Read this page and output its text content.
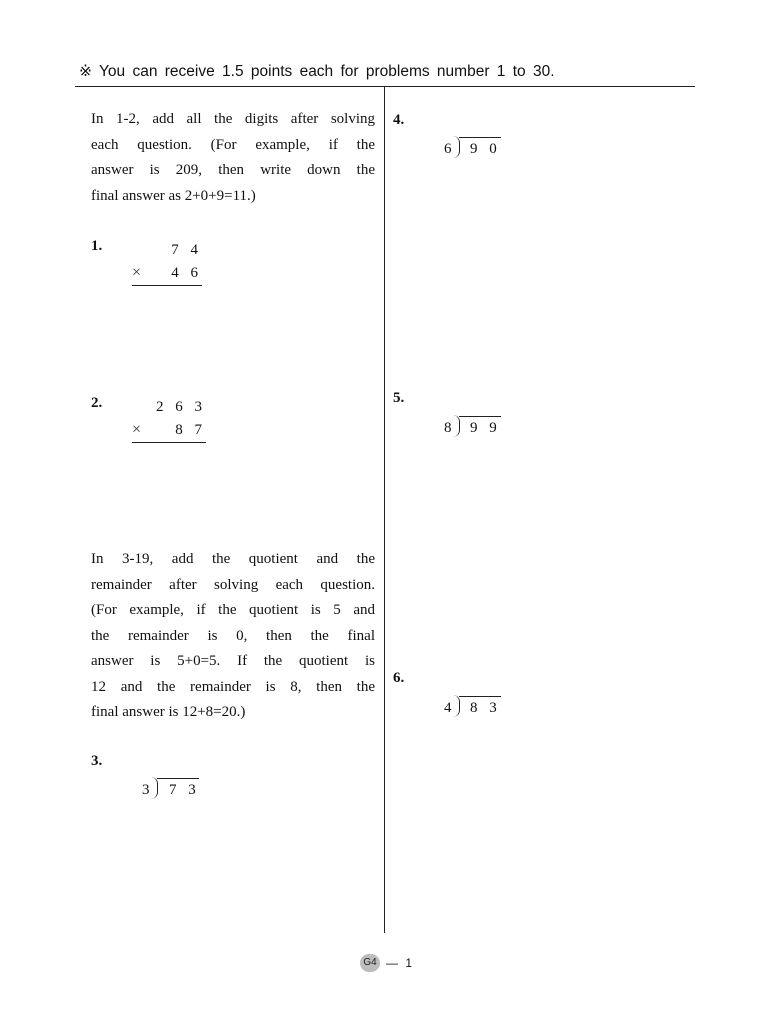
※ You can receive 1.5 points each for problems number 1 to 30.
In 1-2, add all the digits after solving
each question. (For example, if the
answer is 209, then write down the
final answer as 2+0+9=11.)
1.	7 4
× 4 6
2.	2 6 3
× 8 7
In 3-19, add the quotient and the
remainder after solving each question.
(For example, if the quotient is 5 and
the remainder is 0, then the final
answer is 5+0=5. If the quotient is
12 and the remainder is 8, then the
final answer is 12+8=20.)
3.
3 7 3
4.
6 9 0
5.
8 9 9
6.
4 8 3
G4 — 1
